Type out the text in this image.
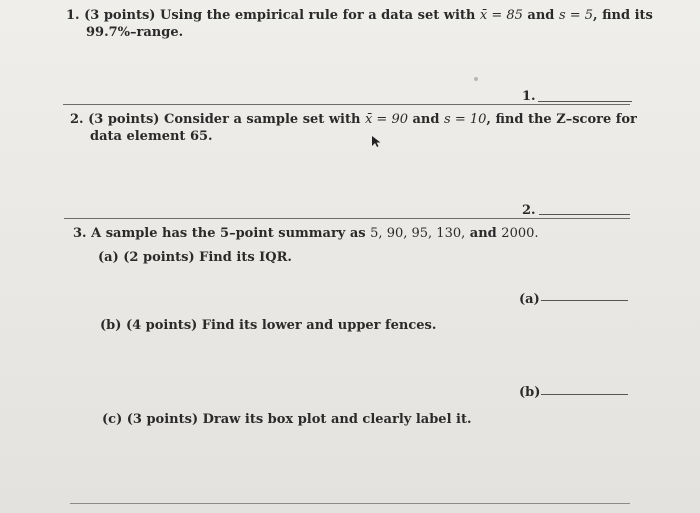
1. (3 points) Using the empirical rule for a data set with x̄ = 85 and s = 5, find its
99.7%–range.
1.
2. (3 points) Consider a sample set with x̄ = 90 and s = 10, find the Z–score for
data element 65.
2.
3. A sample has the 5–point summary as 5, 90, 95, 130, and 2000.
(a) (2 points) Find its IQR.
(a)
(b) (4 points) Find its lower and upper fences.
(b)
(c) (3 points) Draw its box plot and clearly label it.
